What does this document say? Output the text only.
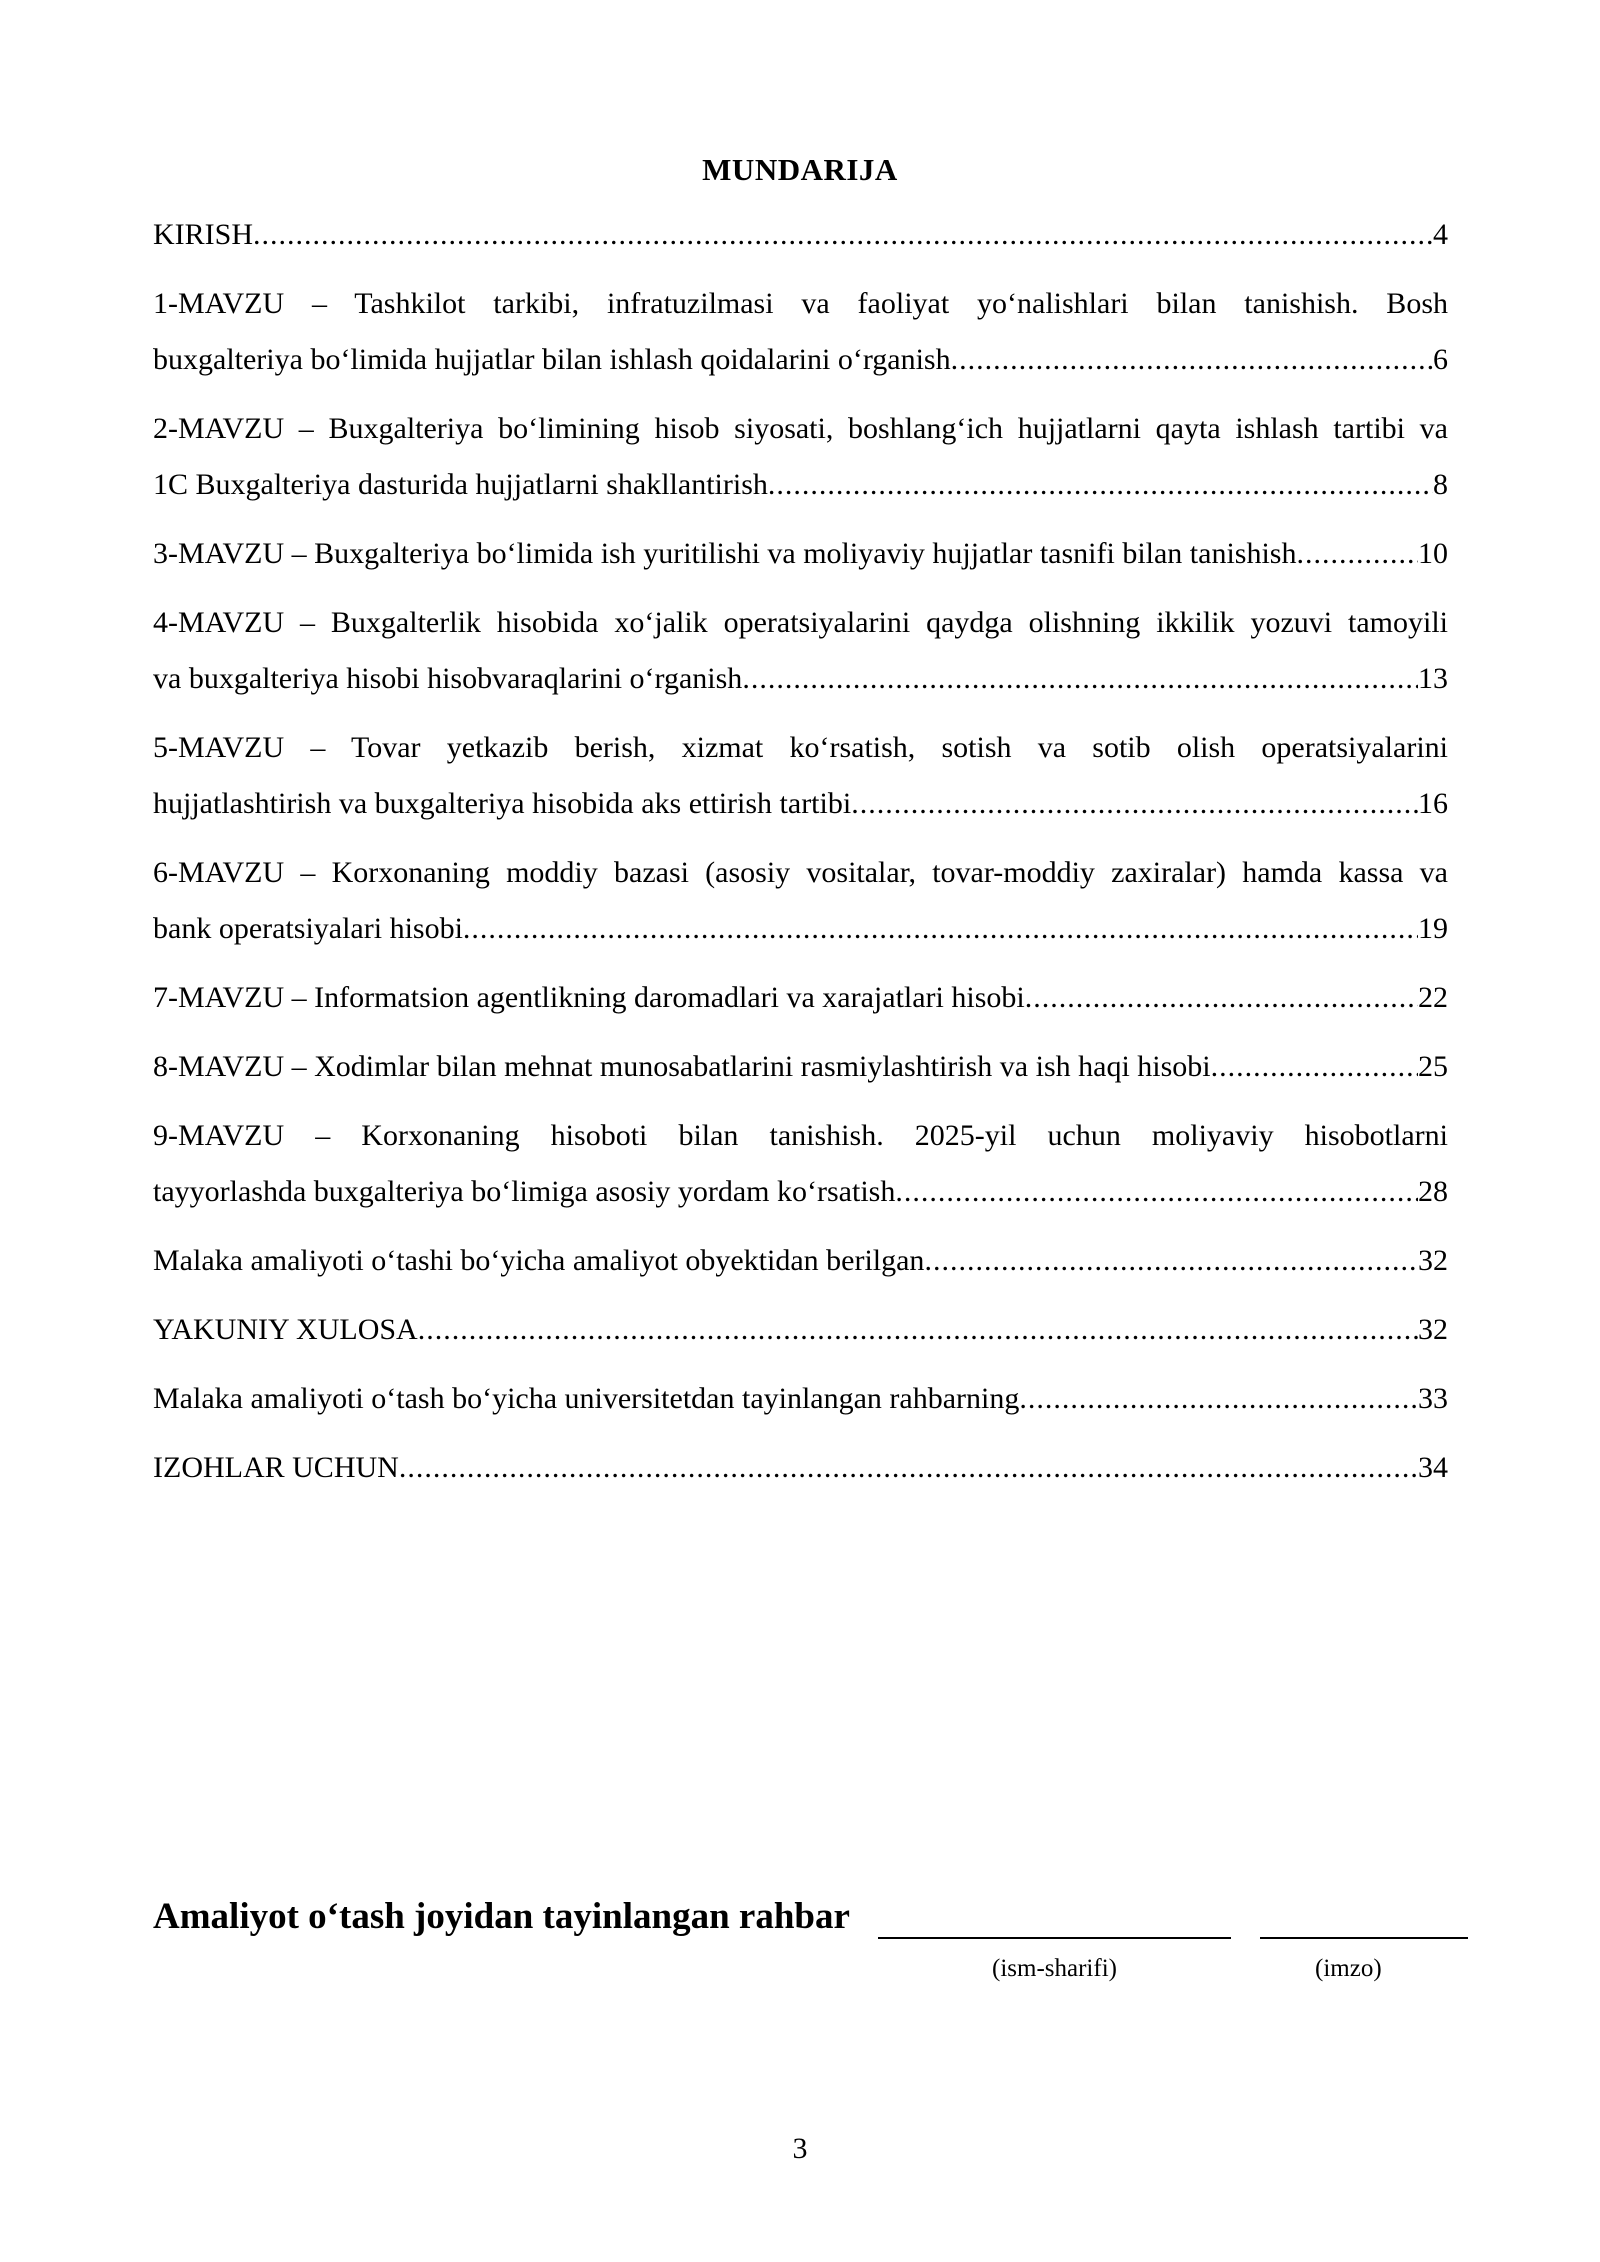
MUNDARIJA
KIRISH .....	4
1-MAVZU – Tashkilot tarkibi, infratuzilmasi va faoliyat yo‘nalishlari bilan tanishish. Bosh
buxgalteriya bo‘limida hujjatlar bilan ishlash qoidalarini o‘rganish .....	6
2-MAVZU – Buxgalteriya bo‘limining hisob siyosati, boshlang‘ich hujjatlarni qayta ishlash tartibi va
1C Buxgalteriya dasturida hujjatlarni shakllantirish .....	8
3-MAVZU – Buxgalteriya bo‘limida ish yuritilishi va moliyaviy hujjatlar tasnifi bilan tanishish .....	10
4-MAVZU – Buxgalterlik hisobida xo‘jalik operatsiyalarini qaydga olishning ikkilik yozuvi tamoyili
va buxgalteriya hisobi hisobvaraqlarini o‘rganish .....	13
5-MAVZU – Tovar yetkazib berish, xizmat ko‘rsatish, sotish va sotib olish operatsiyalarini
hujjatlashtirish va buxgalteriya hisobida aks ettirish tartibi .....	16
6-MAVZU – Korxonaning moddiy bazasi (asosiy vositalar, tovar-moddiy zaxiralar) hamda kassa va
bank operatsiyalari hisobi .....	19
7-MAVZU – Informatsion agentlikning daromadlari va xarajatlari hisobi .....	22
8-MAVZU – Xodimlar bilan mehnat munosabatlarini rasmiylashtirish va ish haqi hisobi .....	25
9-MAVZU – Korxonaning hisoboti bilan tanishish. 2025-yil uchun moliyaviy hisobotlarni
tayyorlashda buxgalteriya bo‘limiga asosiy yordam ko‘rsatish .....	28
Malaka amaliyoti o‘tashi bo‘yicha amaliyot obyektidan berilgan .....	32
YAKUNIY XULOSA .....	32
Malaka amaliyoti o‘tash bo‘yicha universitetdan tayinlangan rahbarning .....	33
IZOHLAR UCHUN .....	34
Amaliyot o‘tash joyidan tayinlangan rahbar
(ism-sharifi)	(imzo)
3
